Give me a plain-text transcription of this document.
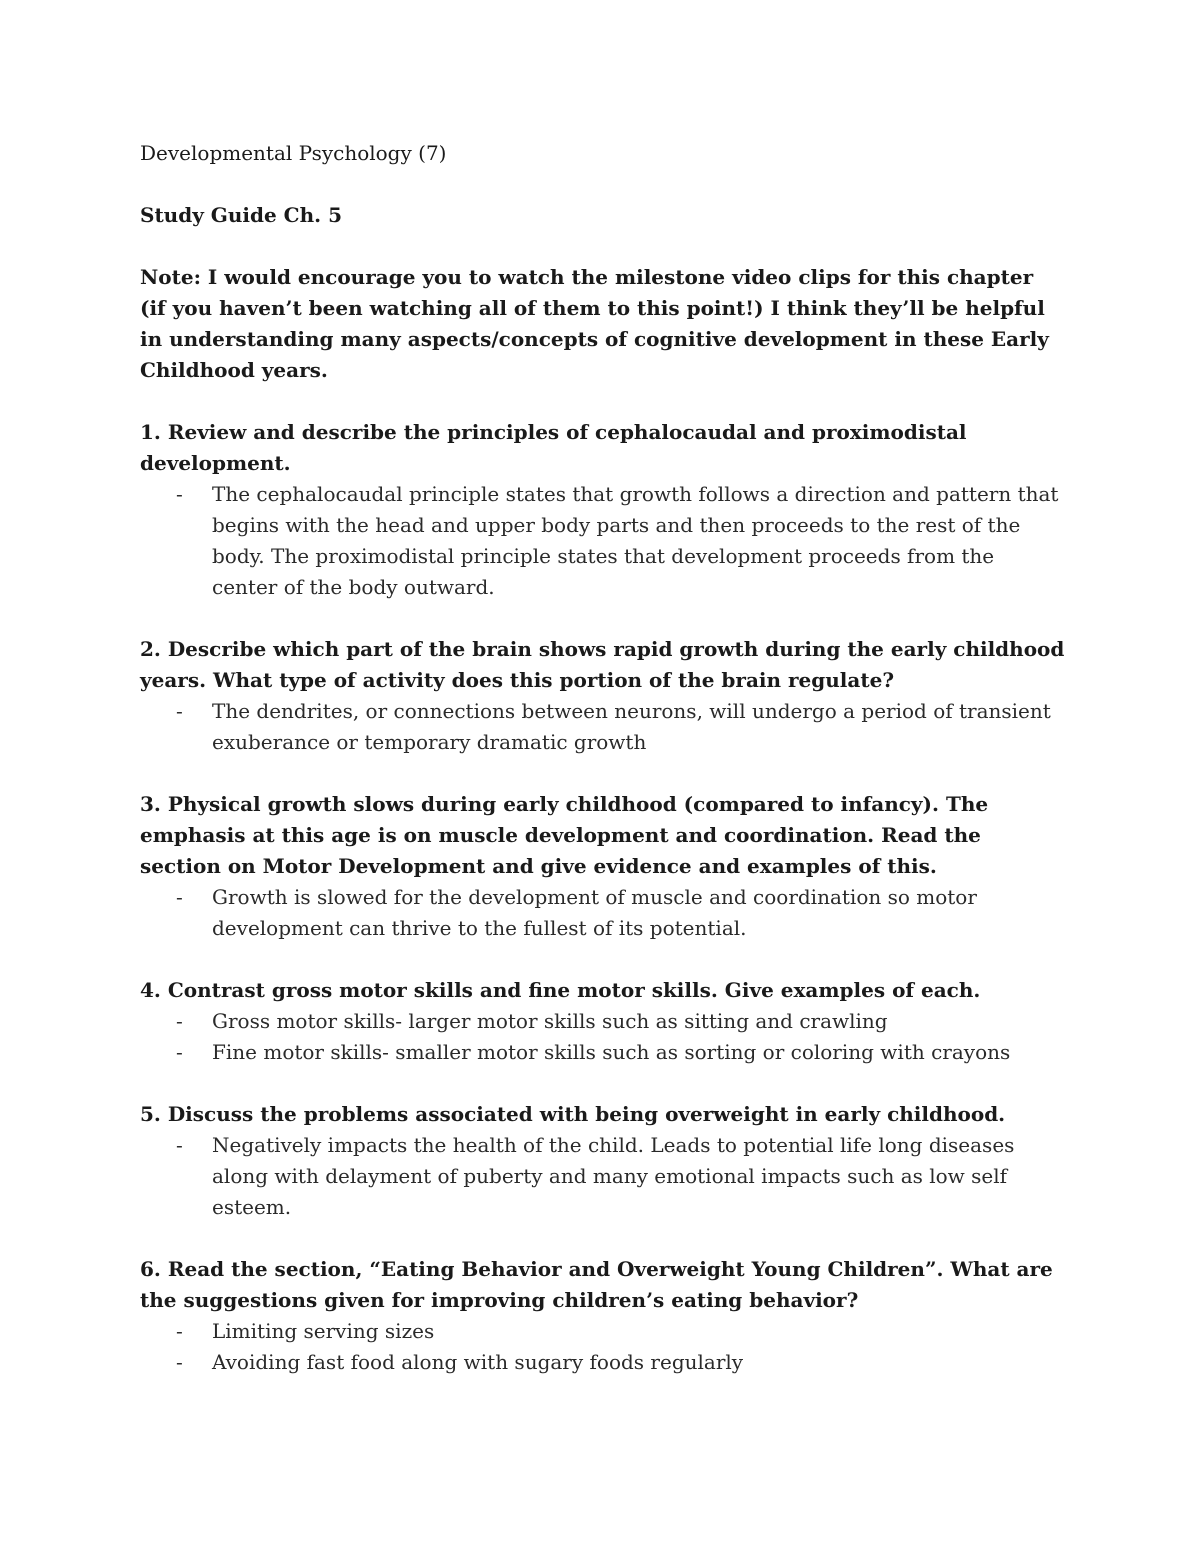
Developmental Psychology (7)

Study Guide Ch. 5

Note: I would encourage you to watch the milestone video clips for this chapter (if you haven’t been watching all of them to this point!) I think they’ll be helpful in understanding many aspects/concepts of cognitive development in these Early Childhood years.

1. Review and describe the principles of cephalocaudal and proximodistal development.

- The cephalocaudal principle states that growth follows a direction and pattern that begins with the head and upper body parts and then proceeds to the rest of the body. The proximodistal principle states that development proceeds from the center of the body outward.

2. Describe which part of the brain shows rapid growth during the early childhood years. What type of activity does this portion of the brain regulate?

- The dendrites, or connections between neurons, will undergo a period of transient exuberance or temporary dramatic growth

3. Physical growth slows during early childhood (compared to infancy). The emphasis at this age is on muscle development and coordination. Read the section on Motor Development and give evidence and examples of this.

- Growth is slowed for the development of muscle and coordination so motor development can thrive to the fullest of its potential.

4. Contrast gross motor skills and fine motor skills. Give examples of each.

- Gross motor skills- larger motor skills such as sitting and crawling
- Fine motor skills- smaller motor skills such as sorting or coloring with crayons

5. Discuss the problems associated with being overweight in early childhood.

- Negatively impacts the health of the child. Leads to potential life long diseases along with delayment of puberty and many emotional impacts such as low self esteem.

6. Read the section, “Eating Behavior and Overweight Young Children”. What are the suggestions given for improving children’s eating behavior?

- Limiting serving sizes
- Avoiding fast food along with sugary foods regularly
